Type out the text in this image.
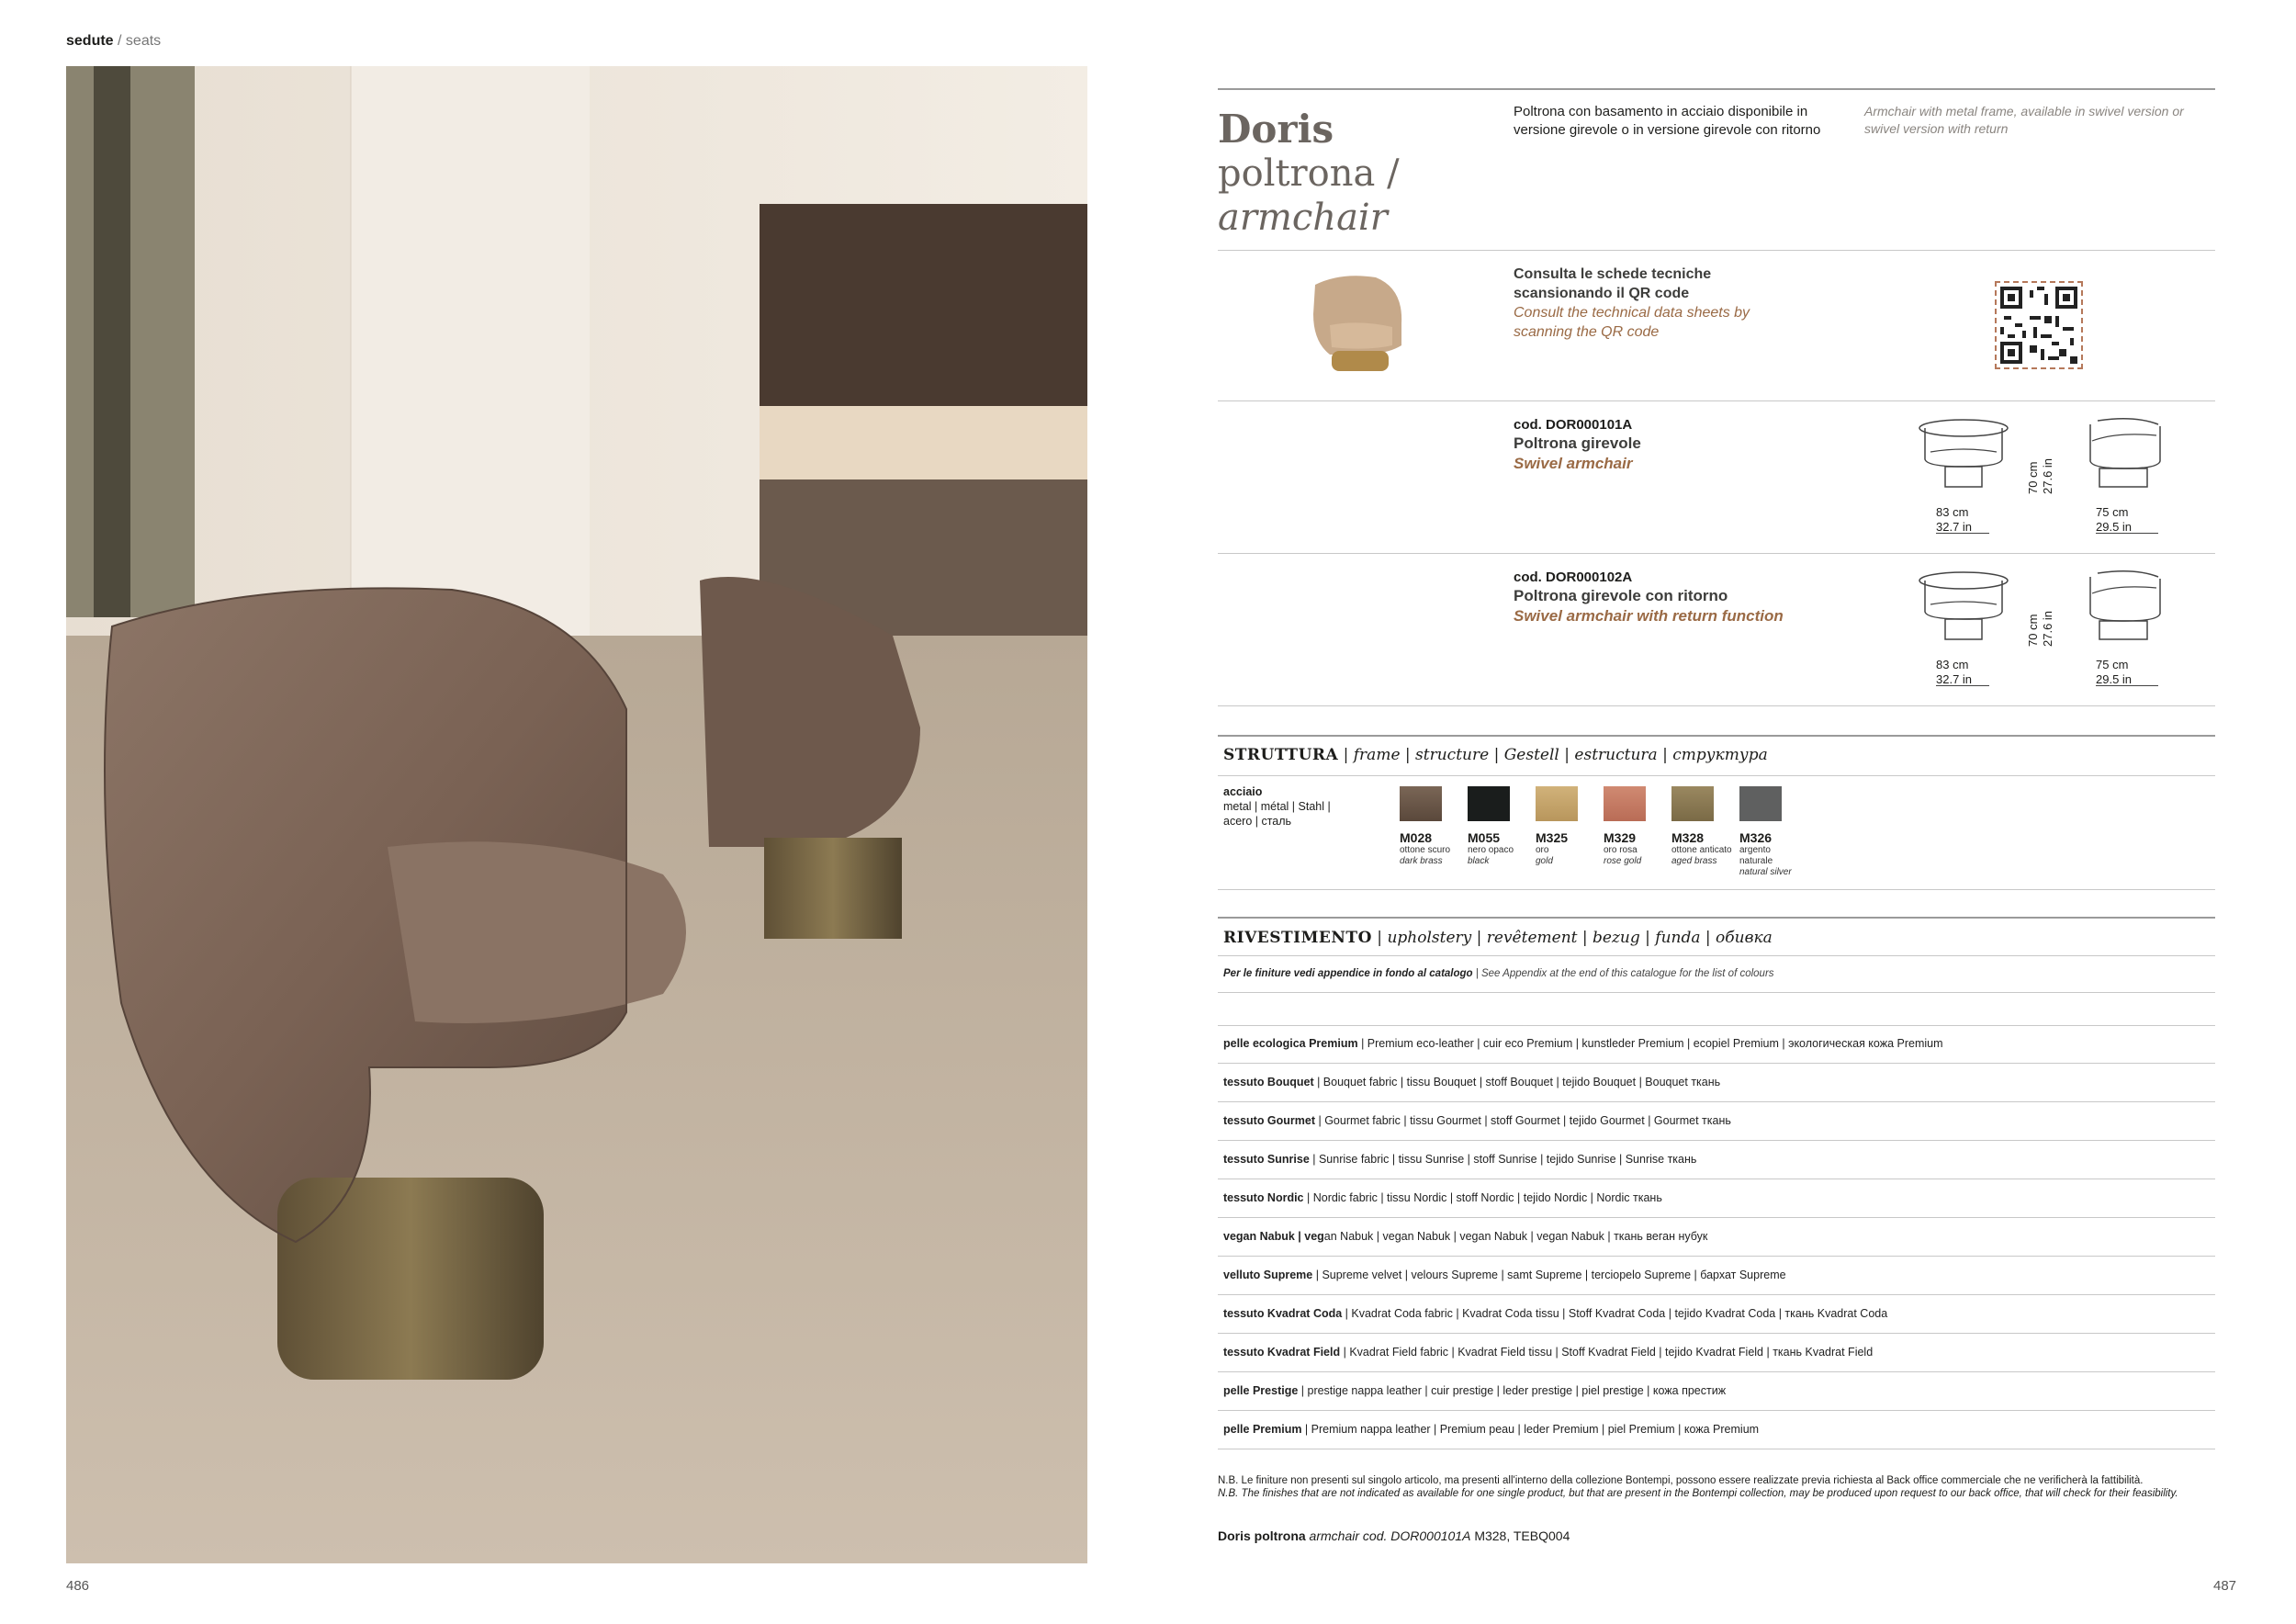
sedute / seats
486	487
Doris
poltrona /
armchair
Poltrona con basamento in acciaio disponibile in versione girevole o in versione girevole con ritorno
Armchair with metal frame, available in swivel version or swivel version with return
Consulta le schede tecniche scansionando il QR code
Consult the technical data sheets by scanning the QR code
cod. DOR000101A
Poltrona girevole
Swivel armchair
83 cm
32.7 in
70 cm 27.6 in
75 cm
29.5 in
cod. DOR000102A
Poltrona girevole con ritorno
Swivel armchair with return function
83 cm
32.7 in
70 cm 27.6 in
75 cm
29.5 in
STRUTTURA | frame | structure | Gestell | estructura | структура
acciaio
metal | métal | Stahl |
acero | сталь
M028
ottone scuro
dark brass
M055
nero opaco
black
M325
oro
gold
M329
oro rosa
rose gold
M328
ottone anticato
aged brass
M326
argento naturale
natural silver
RIVESTIMENTO | upholstery | revêtement | bezug | funda | обивка
Per le finiture vedi appendice in fondo al catalogo | See Appendix at the end of this catalogue for the list of colours
pelle ecologica Premium | Premium eco-leather | cuir eco Premium | kunstleder Premium | ecopiel Premium | экологическая кожа Premium
tessuto Bouquet | Bouquet fabric | tissu Bouquet | stoff Bouquet | tejido Bouquet | Bouquet ткань
tessuto Gourmet | Gourmet fabric | tissu Gourmet | stoff Gourmet | tejido Gourmet | Gourmet ткань
tessuto Sunrise | Sunrise fabric | tissu Sunrise | stoff Sunrise | tejido Sunrise | Sunrise ткань
tessuto Nordic | Nordic fabric | tissu Nordic | stoff Nordic | tejido Nordic | Nordic ткань
vegan Nabuk | vegan Nabuk | vegan Nabuk | vegan Nabuk | vegan Nabuk | ткань веган нубук
velluto Supreme | Supreme velvet | velours Supreme | samt Supreme | terciopelo Supreme | бархат Supreme
tessuto Kvadrat Coda | Kvadrat Coda fabric | Kvadrat Coda tissu | Stoff Kvadrat Coda | tejido Kvadrat Coda | ткань Kvadrat Coda
tessuto Kvadrat Field | Kvadrat Field fabric | Kvadrat Field tissu | Stoff Kvadrat Field | tejido Kvadrat Field | ткань Kvadrat Field
pelle Prestige | prestige nappa leather | cuir prestige | leder prestige | piel prestige | кожа престиж
pelle Premium | Premium nappa leather | Premium peau | leder Premium | piel Premium | кожа Premium
N.B. Le finiture non presenti sul singolo articolo, ma presenti all'interno della collezione Bontempi, possono essere realizzate previa richiesta al Back office commerciale che ne verificherà la fattibilità.
N.B. The finishes that are not indicated as available for one single product, but that are present in the Bontempi collection, may be produced upon request to our back office, that will check for their feasibility.
Doris poltrona armchair cod. DOR000101A M328, TEBQ004
